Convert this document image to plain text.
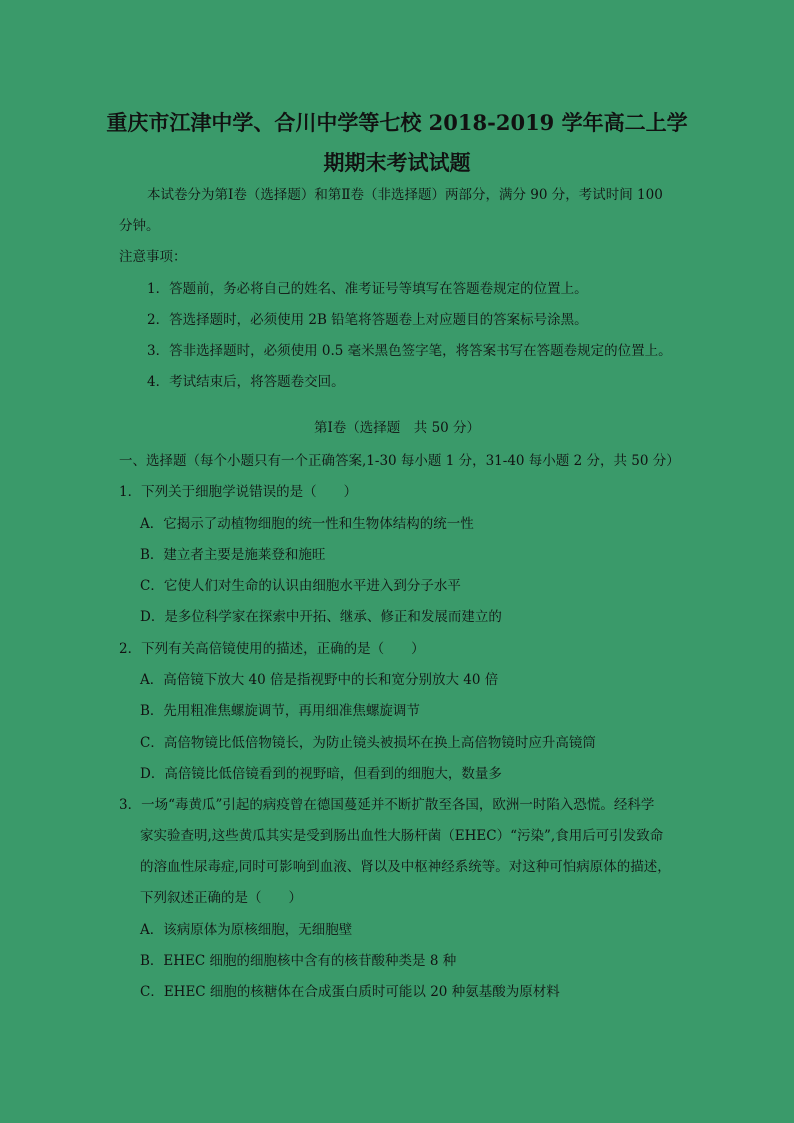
重庆市江津中学、合川中学等七校 2018-2019 学年高二上学
期期末考试试题
本试卷分为第Ⅰ卷（选择题）和第Ⅱ卷（非选择题）两部分，满分 90 分，考试时间 100
分钟。
注意事项：
1．答题前，务必将自己的姓名、准考证号等填写在答题卷规定的位置上。
2．答选择题时，必须使用 2B 铅笔将答题卷上对应题目的答案标号涂黑。
3．答非选择题时，必须使用 0.5 毫米黑色签字笔，将答案书写在答题卷规定的位置上。
4．考试结束后，将答题卷交回。
第Ⅰ卷（选择题　共 50 分）
一、选择题（每个小题只有一个正确答案,1-30 每小题 1 分，31-40 每小题 2 分，共 50 分）
1．下列关于细胞学说错误的是（　　）
A．它揭示了动植物细胞的统一性和生物体结构的统一性
B．建立者主要是施莱登和施旺
C．它使人们对生命的认识由细胞水平进入到分子水平
D．是多位科学家在探索中开拓、继承、修正和发展而建立的
2．下列有关高倍镜使用的描述，正确的是（　　）
A．高倍镜下放大 40 倍是指视野中的长和宽分别放大 40 倍
B．先用粗准焦螺旋调节，再用细准焦螺旋调节
C．高倍物镜比低倍物镜长，为防止镜头被损坏在换上高倍物镜时应升高镜筒
D．高倍镜比低倍镜看到的视野暗，但看到的细胞大，数量多
3．一场“毒黄瓜”引起的病疫曾在德国蔓延并不断扩散至各国，欧洲一时陷入恐慌。经科学
家实验查明,这些黄瓜其实是受到肠出血性大肠杆菌（EHEC）“污染”,食用后可引发致命
的溶血性尿毒症,同时可影响到血液、肾以及中枢神经系统等。对这种可怕病原体的描述，
下列叙述正确的是（　　）
A．该病原体为原核细胞，无细胞壁
B．EHEC 细胞的细胞核中含有的核苷酸种类是 8 种
C．EHEC 细胞的核糖体在合成蛋白质时可能以 20 种氨基酸为原材料
